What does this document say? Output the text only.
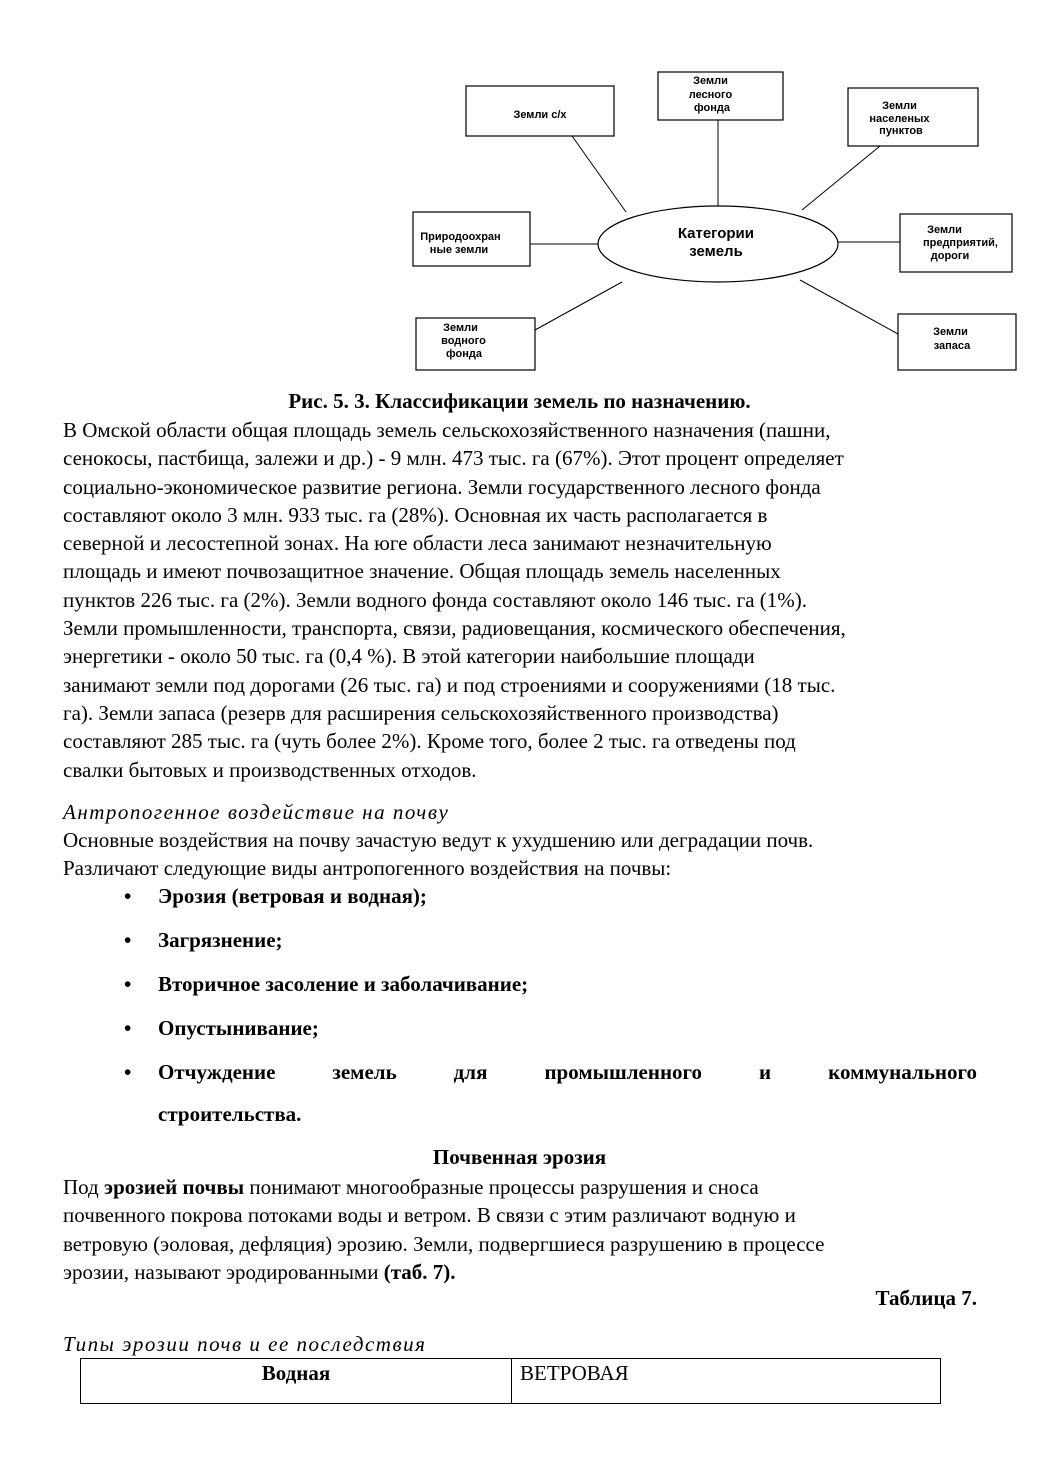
Земли с/х
Земли лесного фонда	Земли населеных пунктов
Природоохран ные земли
Земли предприятий, дороги
Земли водного фонда
Земли запаса
Категории земель
Рис. 5. 3. Классификации земель по назначению.
В Омской области общая площадь земель сельскохозяйственного назначения (пашни,
сенокосы, пастбища, залежи и др.) - 9 млн. 473 тыс. га (67%). Этот процент определяет
социально-экономическое развитие региона. Земли государственного лесного фонда
составляют около 3 млн. 933 тыс. га (28%). Основная их часть располагается в
северной и лесостепной зонах. На юге области леса занимают незначительную
площадь и имеют почвозащитное значение. Общая площадь земель населенных
пунктов 226 тыс. га (2%). Земли водного фонда составляют около 146 тыс. га (1%).
Земли промышленности, транспорта, связи, радиовещания, космического обеспечения,
энергетики - около 50 тыс. га (0,4 %). В этой категории наибольшие площади
занимают земли под дорогами (26 тыс. га) и под строениями и сооружениями (18 тыс.
га). Земли запаса (резерв для расширения сельскохозяйственного производства)
составляют 285 тыс. га (чуть более 2%). Кроме того, более 2 тыс. га отведены под
свалки бытовых и производственных отходов.
Антропогенное воздействие на почву
Основные воздействия на почву зачастую ведут к ухудшению или деградации почв.
Различают следующие виды антропогенного воздействия на почвы:
• Эрозия (ветровая и водная);
• Загрязнение;
• Вторичное засоление и заболачивание;
• Опустынивание;
• Отчуждение	земель	для	промышленного	и	коммунального
строительства.
Почвенная эрозия
Под эрозией почвы понимают многообразные процессы разрушения и сноса
почвенного покрова потоками воды и ветром. В связи с этим различают водную и
ветровую (эоловая, дефляция) эрозию. Земли, подвергшиеся разрушению в процессе
эрозии, называют эродированными (таб. 7).
Таблица 7.
Типы эрозии почв и ее последствия
Водная	ВЕТРОВАЯ
